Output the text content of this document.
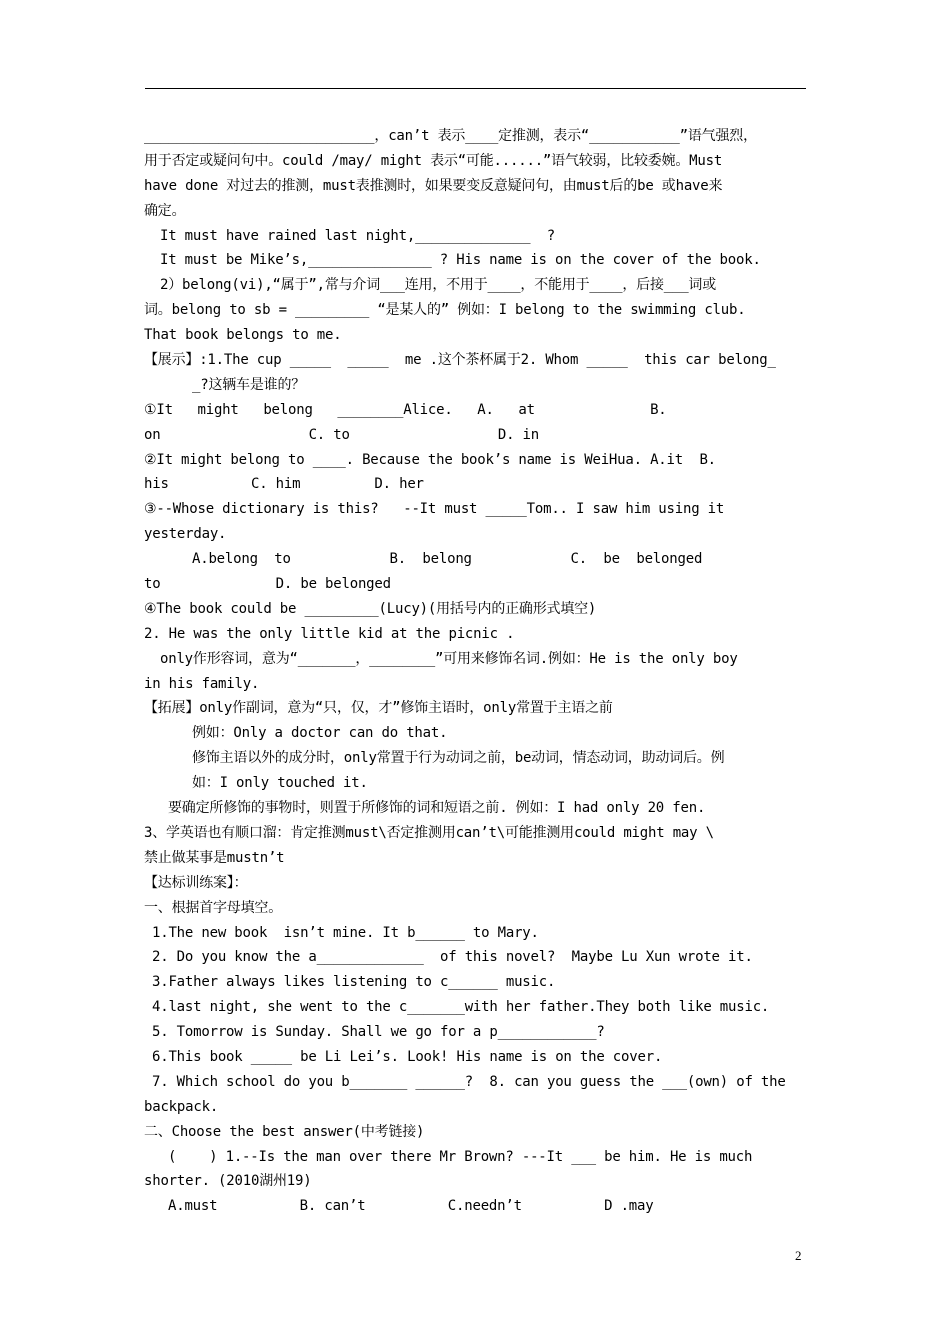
____________________________，can’t 表示____定推测，表示“___________”语气强烈，
用于否定或疑问句中。could /may/ might 表示“可能......”语气较弱，比较委婉。Must
have done 对过去的推测，must表推测时，如果要变反意疑问句，由must后的be 或have来
确定。
It must have rained last night,______________  ?
It must be Mike’s,_______________ ? His name is on the cover of the book.
2）belong(vi),“属于”,常与介词___连用，不用于____，不能用于____，后接___词或
词。belong to sb = _________ “是某人的” 例如：I belong to the swimming club.
That book belongs to me.
【展示】:1.The cup _____  _____  me .这个茶杯属于2. Whom _____  this car belong_
_?这辆车是谁的？
①It   might   belong   ________Alice.   A.   at              B.
on                  C. to                  D. in
②It might belong to ____. Because the book’s name is WeiHua. A.it  B.
his          C. him         D. her
③--Whose dictionary is this?   --It must _____Tom.. I saw him using it
yesterday.
A.belong  to            B.  belong            C.  be  belonged
to              D. be belonged
④The book could be _________(Lucy)(用括号内的正确形式填空)
2. He was the only little kid at the picnic .
only作形容词，意为“_______，________”可用来修饰名词.例如：He is the only boy
in his family.
【拓展】only作副词，意为“只，仅，才”修饰主语时，only常置于主语之前
例如：Only a doctor can do that.
修饰主语以外的成分时，only常置于行为动词之前，be动词，情态动词，助动词后。例
如：I only touched it.
要确定所修饰的事物时，则置于所修饰的词和短语之前. 例如：I had only 20 fen.
3、学英语也有顺口溜：肯定推测must\否定推测用can’t\可能推测用could might may \
禁止做某事是mustn’t
【达标训练案】：
一、根据首字母填空。
1.The new book  isn’t mine. It b______ to Mary.
2. Do you know the a_____________  of this novel?  Maybe Lu Xun wrote it.
3.Father always likes listening to c______ music.
4.last night, she went to the c_______with her father.They both like music.
5. Tomorrow is Sunday. Shall we go for a p____________?
6.This book _____ be Li Lei’s. Look! His name is on the cover.
7. Which school do you b_______ ______?  8. can you guess the ___(own) of the
backpack.
二、Choose the best answer(中考链接)
(    ) 1.--Is the man over there Mr Brown? ---It ___ be him. He is much
shorter. (2010湖州19)
A.must          B. can’t          C.needn’t          D .may
2
